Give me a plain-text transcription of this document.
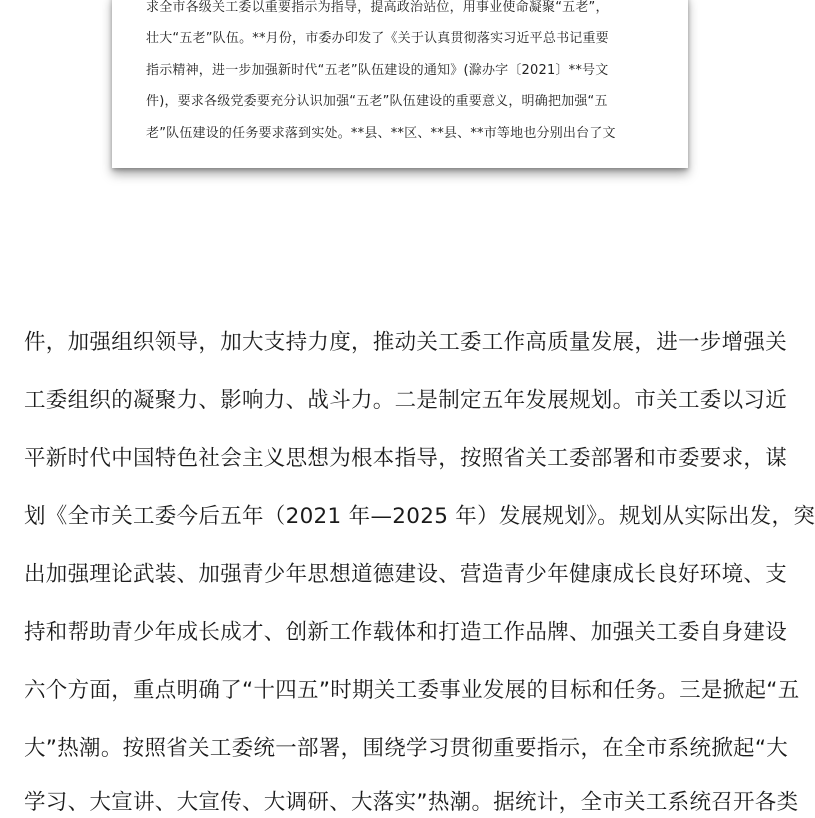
求全市各级关工委以重要指示为指导，提高政治站位，用事业使命凝聚“五老”，
壮大“五老”队伍。**月份，市委办印发了《关于认真贯彻落实习近平总书记重要
指示精神，进一步加强新时代“五老”队伍建设的通知》(滁办字〔2021〕**号文
件)，要求各级党委要充分认识加强“五老”队伍建设的重要意义，明确把加强“五
老”队伍建设的任务要求落到实处。**县、**区、**县、**市等地也分别出台了文
件，加强组织领导，加大支持力度，推动关工委工作高质量发展，进一步增强关
工委组织的凝聚力、影响力、战斗力。二是制定五年发展规划。市关工委以习近
平新时代中国特色社会主义思想为根本指导，按照省关工委部署和市委要求，谋
划《全市关工委今后五年（2021 年—2025 年）发展规划》。规划从实际出发，突
出加强理论武装、加强青少年思想道德建设、营造青少年健康成长良好环境、支
持和帮助青少年成长成才、创新工作载体和打造工作品牌、加强关工委自身建设
六个方面，重点明确了“十四五”时期关工委事业发展的目标和任务。三是掀起“五
大”热潮。按照省关工委统一部署，围绕学习贯彻重要指示，在全市系统掀起“大
学习、大宣讲、大宣传、大调研、大落实”热潮。据统计，全市关工系统召开各类
